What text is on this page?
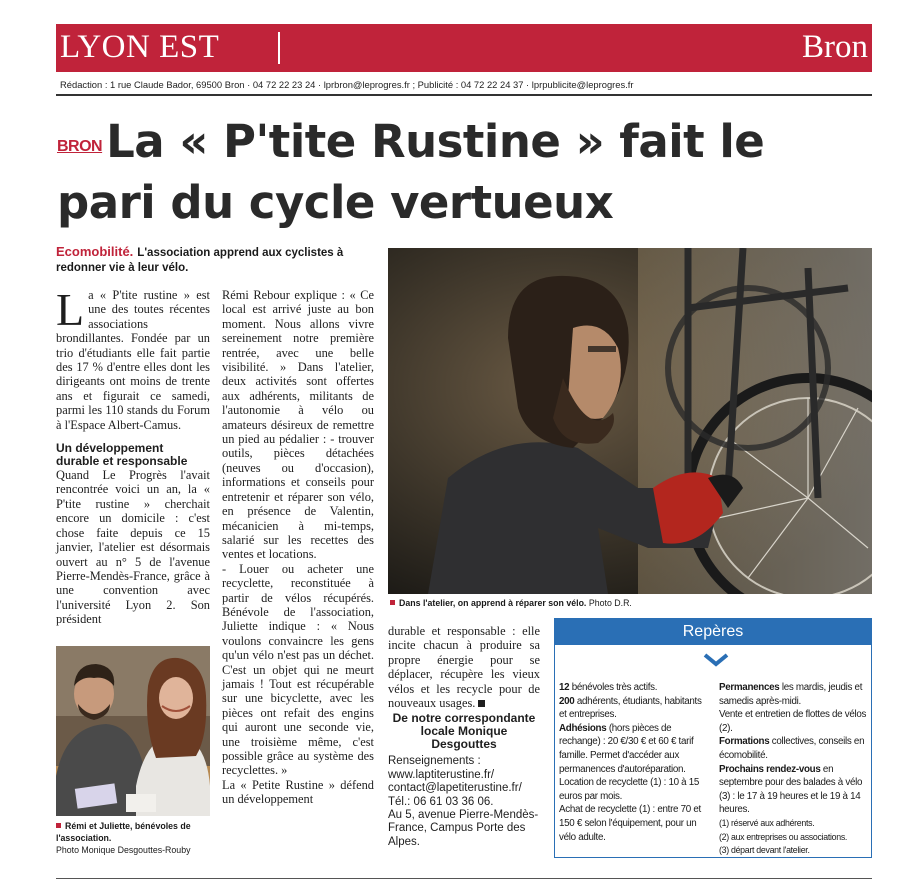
LYON EST	Bron
Rédaction : 1 rue Claude Bador, 69500 Bron · 04 72 22 23 24 · lprbron@leprogres.fr ; Publicité : 04 72 22 24 37 · lprpublicite@leprogres.fr
BRONLa « P'tite Rustine » fait le pari du cycle vertueux
Ecomobilité. L'association apprend aux cyclistes à redonner vie à leur vélo.
La « P'tite rustine » est une des toutes récentes associations brondillantes. Fondée par un trio d'étudiants elle fait partie des 17 % d'entre elles dont les dirigeants ont moins de trente ans et figurait ce samedi, parmi les 110 stands du Forum à l'Espace Albert-Camus.
Un développement durable et responsable
Quand Le Progrès l'avait rencontrée voici un an, la « P'tite rustine » cherchait encore un domicile : c'est chose faite depuis ce 15 janvier, l'atelier est désormais ouvert au n° 5 de l'avenue Pierre-Mendès-France, grâce à une convention avec l'université Lyon 2. Son président
Rémi Rebour explique : « Ce local est arrivé juste au bon moment. Nous allons vivre sereinement notre première rentrée, avec une belle visibilité. » Dans l'atelier, deux activités sont offertes aux adhérents, militants de l'autonomie à vélo ou amateurs désireux de remettre un pied au pédalier : - trouver outils, pièces détachées (neuves ou d'occasion), informations et conseils pour entretenir et réparer son vélo, en présence de Valentin, mécanicien à mi-temps, salarié sur les recettes des ventes et locations.
- Louer ou acheter une recyclette, reconstituée à partir de vélos récupérés. Bénévole de l'association, Juliette indique : « Nous voulons convaincre les gens qu'un vélo n'est pas un déchet. C'est un objet qui ne meurt jamais ! Tout est récupérable sur une bicyclette, avec les pièces ont refait des engins qui auront une seconde vie, une troisième même, c'est possible grâce au système des recyclettes. »
La « Petite Rustine » défend un développement
durable et responsable : elle incite chacun à produire sa propre énergie pour se déplacer, récupère les vieux vélos et les recycle pour de nouveaux usages.
De notre correspondante locale Monique Desgouttes
Renseignements : www.laptiterustine.fr/
contact@lapetiterustine.fr/
Tél.: 06 61 03 36 06.
Au 5, avenue Pierre-Mendès-France, Campus Porte des Alpes.
Dans l'atelier, on apprend à réparer son vélo. Photo D.R.
Rémi et Juliette, bénévoles de l'association.
Photo Monique Desgouttes-Rouby
Repères
12 bénévoles très actifs.
200 adhérents, étudiants, habitants et entreprises.
Adhésions (hors pièces de rechange) : 20 €/30 € et 60 € tarif famille. Permet d'accéder aux permanences d'autoréparation.
Location de recyclette (1) : 10 à 15 euros par mois.
Achat de recyclette (1) : entre 70 et 150 € selon l'équipement, pour un vélo adulte.
Permanences les mardis, jeudis et samedis après-midi.
Vente et entretien de flottes de vélos (2).
Formations collectives, conseils en écomobilité.
Prochains rendez-vous en septembre pour des balades à vélo (3) : le 17 à 19 heures et le 19 à 14 heures.
(1) réservé aux adhérents.
(2) aux entreprises ou associations.
(3) départ devant l'atelier.
